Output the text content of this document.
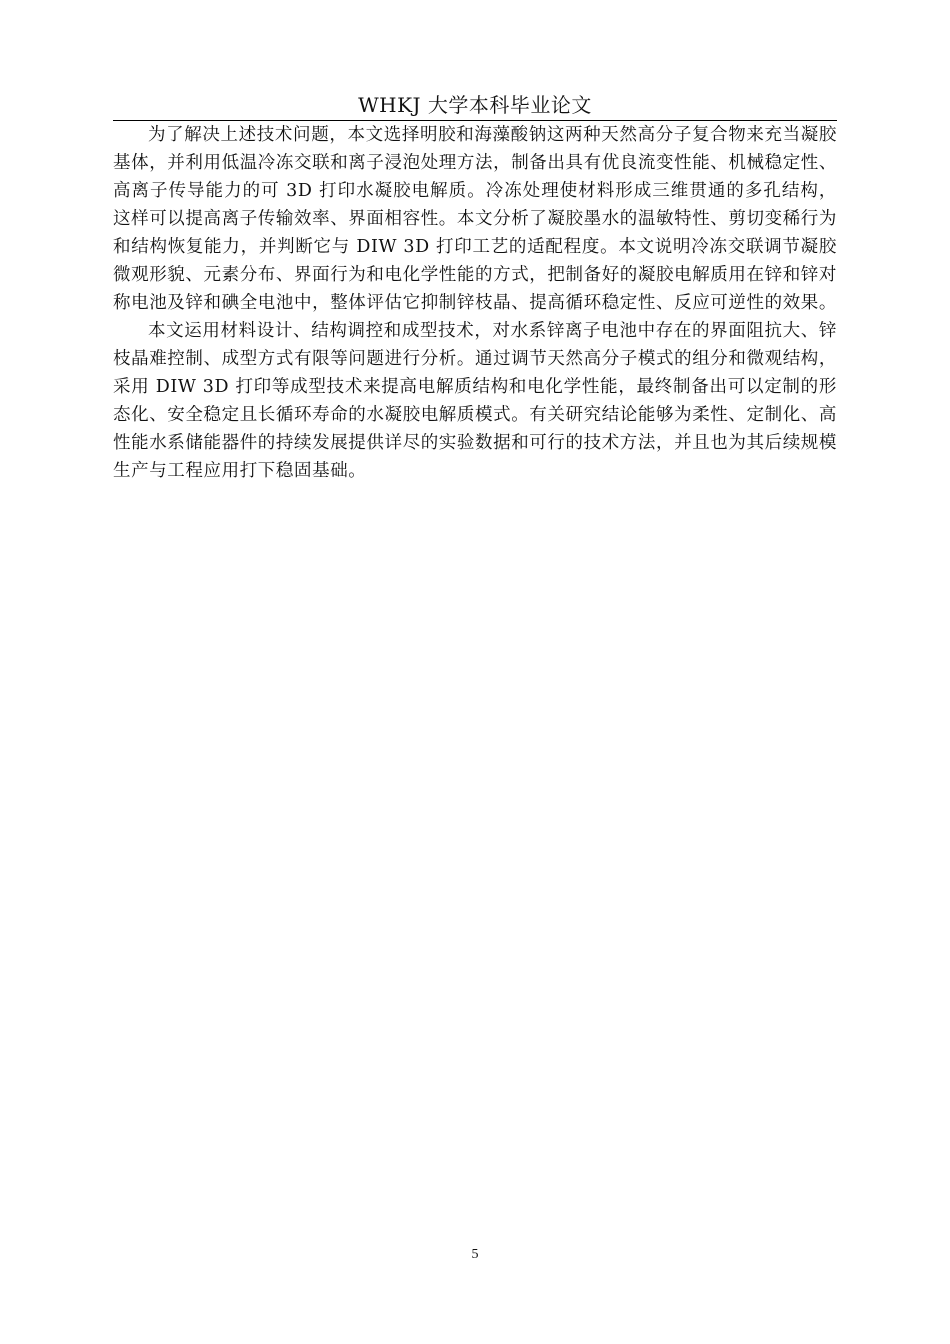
WHKJ 大学本科毕业论文

为了解决上述技术问题，本文选择明胶和海藻酸钠这两种天然高分子复合物来充当凝胶基体，并利用低温冷冻交联和离子浸泡处理方法，制备出具有优良流变性能、机械稳定性、高离子传导能力的可 3D 打印水凝胶电解质。冷冻处理使材料形成三维贯通的多孔结构，这样可以提高离子传输效率、界面相容性。本文分析了凝胶墨水的温敏特性、剪切变稀行为和结构恢复能力，并判断它与 DIW 3D 打印工艺的适配程度。本文说明冷冻交联调节凝胶微观形貌、元素分布、界面行为和电化学性能的方式，把制备好的凝胶电解质用在锌和锌对称电池及锌和碘全电池中，整体评估它抑制锌枝晶、提高循环稳定性、反应可逆性的效果。

本文运用材料设计、结构调控和成型技术，对水系锌离子电池中存在的界面阻抗大、锌枝晶难控制、成型方式有限等问题进行分析。通过调节天然高分子模式的组分和微观结构，采用 DIW 3D 打印等成型技术来提高电解质结构和电化学性能，最终制备出可以定制的形态化、安全稳定且长循环寿命的水凝胶电解质模式。有关研究结论能够为柔性、定制化、高性能水系储能器件的持续发展提供详尽的实验数据和可行的技术方法，并且也为其后续规模生产与工程应用打下稳固基础。

5
